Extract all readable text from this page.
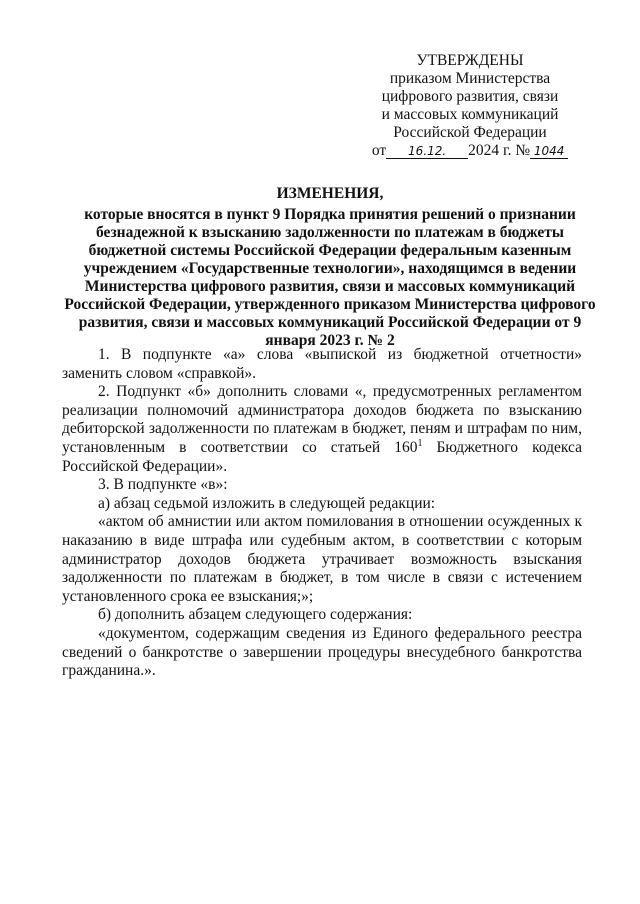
УТВЕРЖДЕНЫ
приказом Министерства
цифрового развития, связи
и массовых коммуникаций
Российской Федерации
от 16.12. 2024 г. № 1044
ИЗМЕНЕНИЯ,
которые вносятся в пункт 9 Порядка принятия решений о признании безнадежной к взысканию задолженности по платежам в бюджеты бюджетной системы Российской Федерации федеральным казенным учреждением «Государственные технологии», находящимся в ведении Министерства цифрового развития, связи и массовых коммуникаций Российской Федерации, утвержденного приказом Министерства цифрового развития, связи и массовых коммуникаций Российской Федерации от 9 января 2023 г. № 2

1. В подпункте «а» слова «выпиской из бюджетной отчетности» заменить словом «справкой».

2. Подпункт «б» дополнить словами «, предусмотренных регламентом реализации полномочий администратора доходов бюджета по взысканию дебиторской задолженности по платежам в бюджет, пеням и штрафам по ним, установленным в соответствии со статьей $160^1$ Бюджетного кодекса Российской Федерации».

3. В подпункте «в»:

а) абзац седьмой изложить в следующей редакции:

«актом об амнистии или актом помилования в отношении осужденных к наказанию в виде штрафа или судебным актом, в соответствии с которым администратор доходов бюджета утрачивает возможность взыскания задолженности по платежам в бюджет, в том числе в связи с истечением установленного срока ее взыскания;»;

б) дополнить абзацем следующего содержания:

«документом, содержащим сведения из Единого федерального реестра сведений о банкротстве о завершении процедуры внесудебного банкротства гражданина.».
